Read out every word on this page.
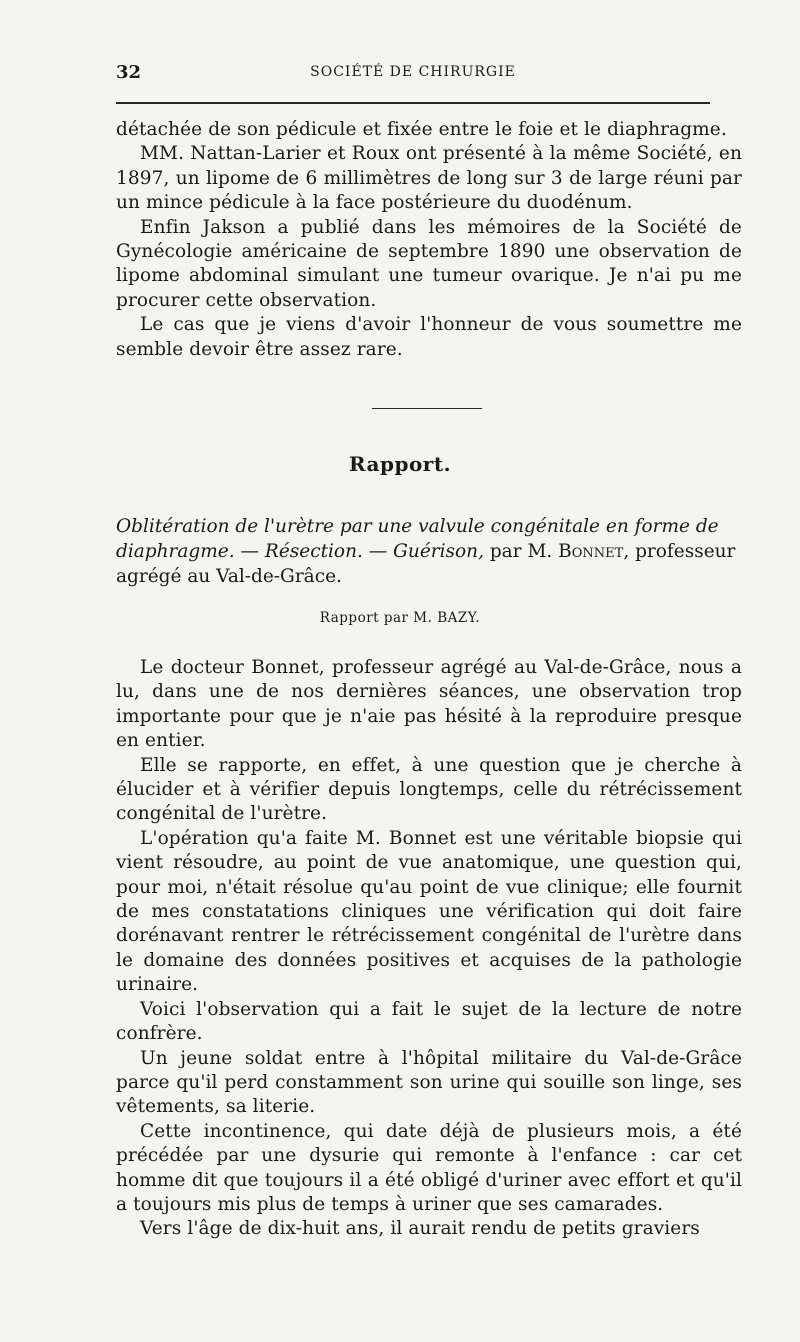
32	SOCIÉTÉ DE CHIRURGIE

détachée de son pédicule et fixée entre le foie et le diaphragme.

MM. Nattan-Larier et Roux ont présenté à la même Société, en 1897, un lipome de 6 millimètres de long sur 3 de large réuni par un mince pédicule à la face postérieure du duodénum.

Enfin Jakson a publié dans les mémoires de la Société de Gynécologie américaine de septembre 1890 une observation de lipome abdominal simulant une tumeur ovarique. Je n'ai pu me procurer cette observation.

Le cas que je viens d'avoir l'honneur de vous soumettre me semble devoir être assez rare.

Rapport.
Oblitération de l'urètre par une valvule congénitale en forme de diaphragme. — Résection. — Guérison, par M. Bonnet, professeur agrégé au Val-de-Grâce.
Rapport par M. BAZY.

Le docteur Bonnet, professeur agrégé au Val-de-Grâce, nous a lu, dans une de nos dernières séances, une observation trop importante pour que je n'aie pas hésité à la reproduire presque en entier.

Elle se rapporte, en effet, à une question que je cherche à élucider et à vérifier depuis longtemps, celle du rétrécissement congénital de l'urètre.

L'opération qu'a faite M. Bonnet est une véritable biopsie qui vient résoudre, au point de vue anatomique, une question qui, pour moi, n'était résolue qu'au point de vue clinique; elle fournit de mes constatations cliniques une vérification qui doit faire dorénavant rentrer le rétrécissement congénital de l'urètre dans le domaine des données positives et acquises de la pathologie urinaire.

Voici l'observation qui a fait le sujet de la lecture de notre confrère.

Un jeune soldat entre à l'hôpital militaire du Val-de-Grâce parce qu'il perd constamment son urine qui souille son linge, ses vêtements, sa literie.

Cette incontinence, qui date déjà de plusieurs mois, a été précédée par une dysurie qui remonte à l'enfance : car cet homme dit que toujours il a été obligé d'uriner avec effort et qu'il a toujours mis plus de temps à uriner que ses camarades.

Vers l'âge de dix-huit ans, il aurait rendu de petits graviers
